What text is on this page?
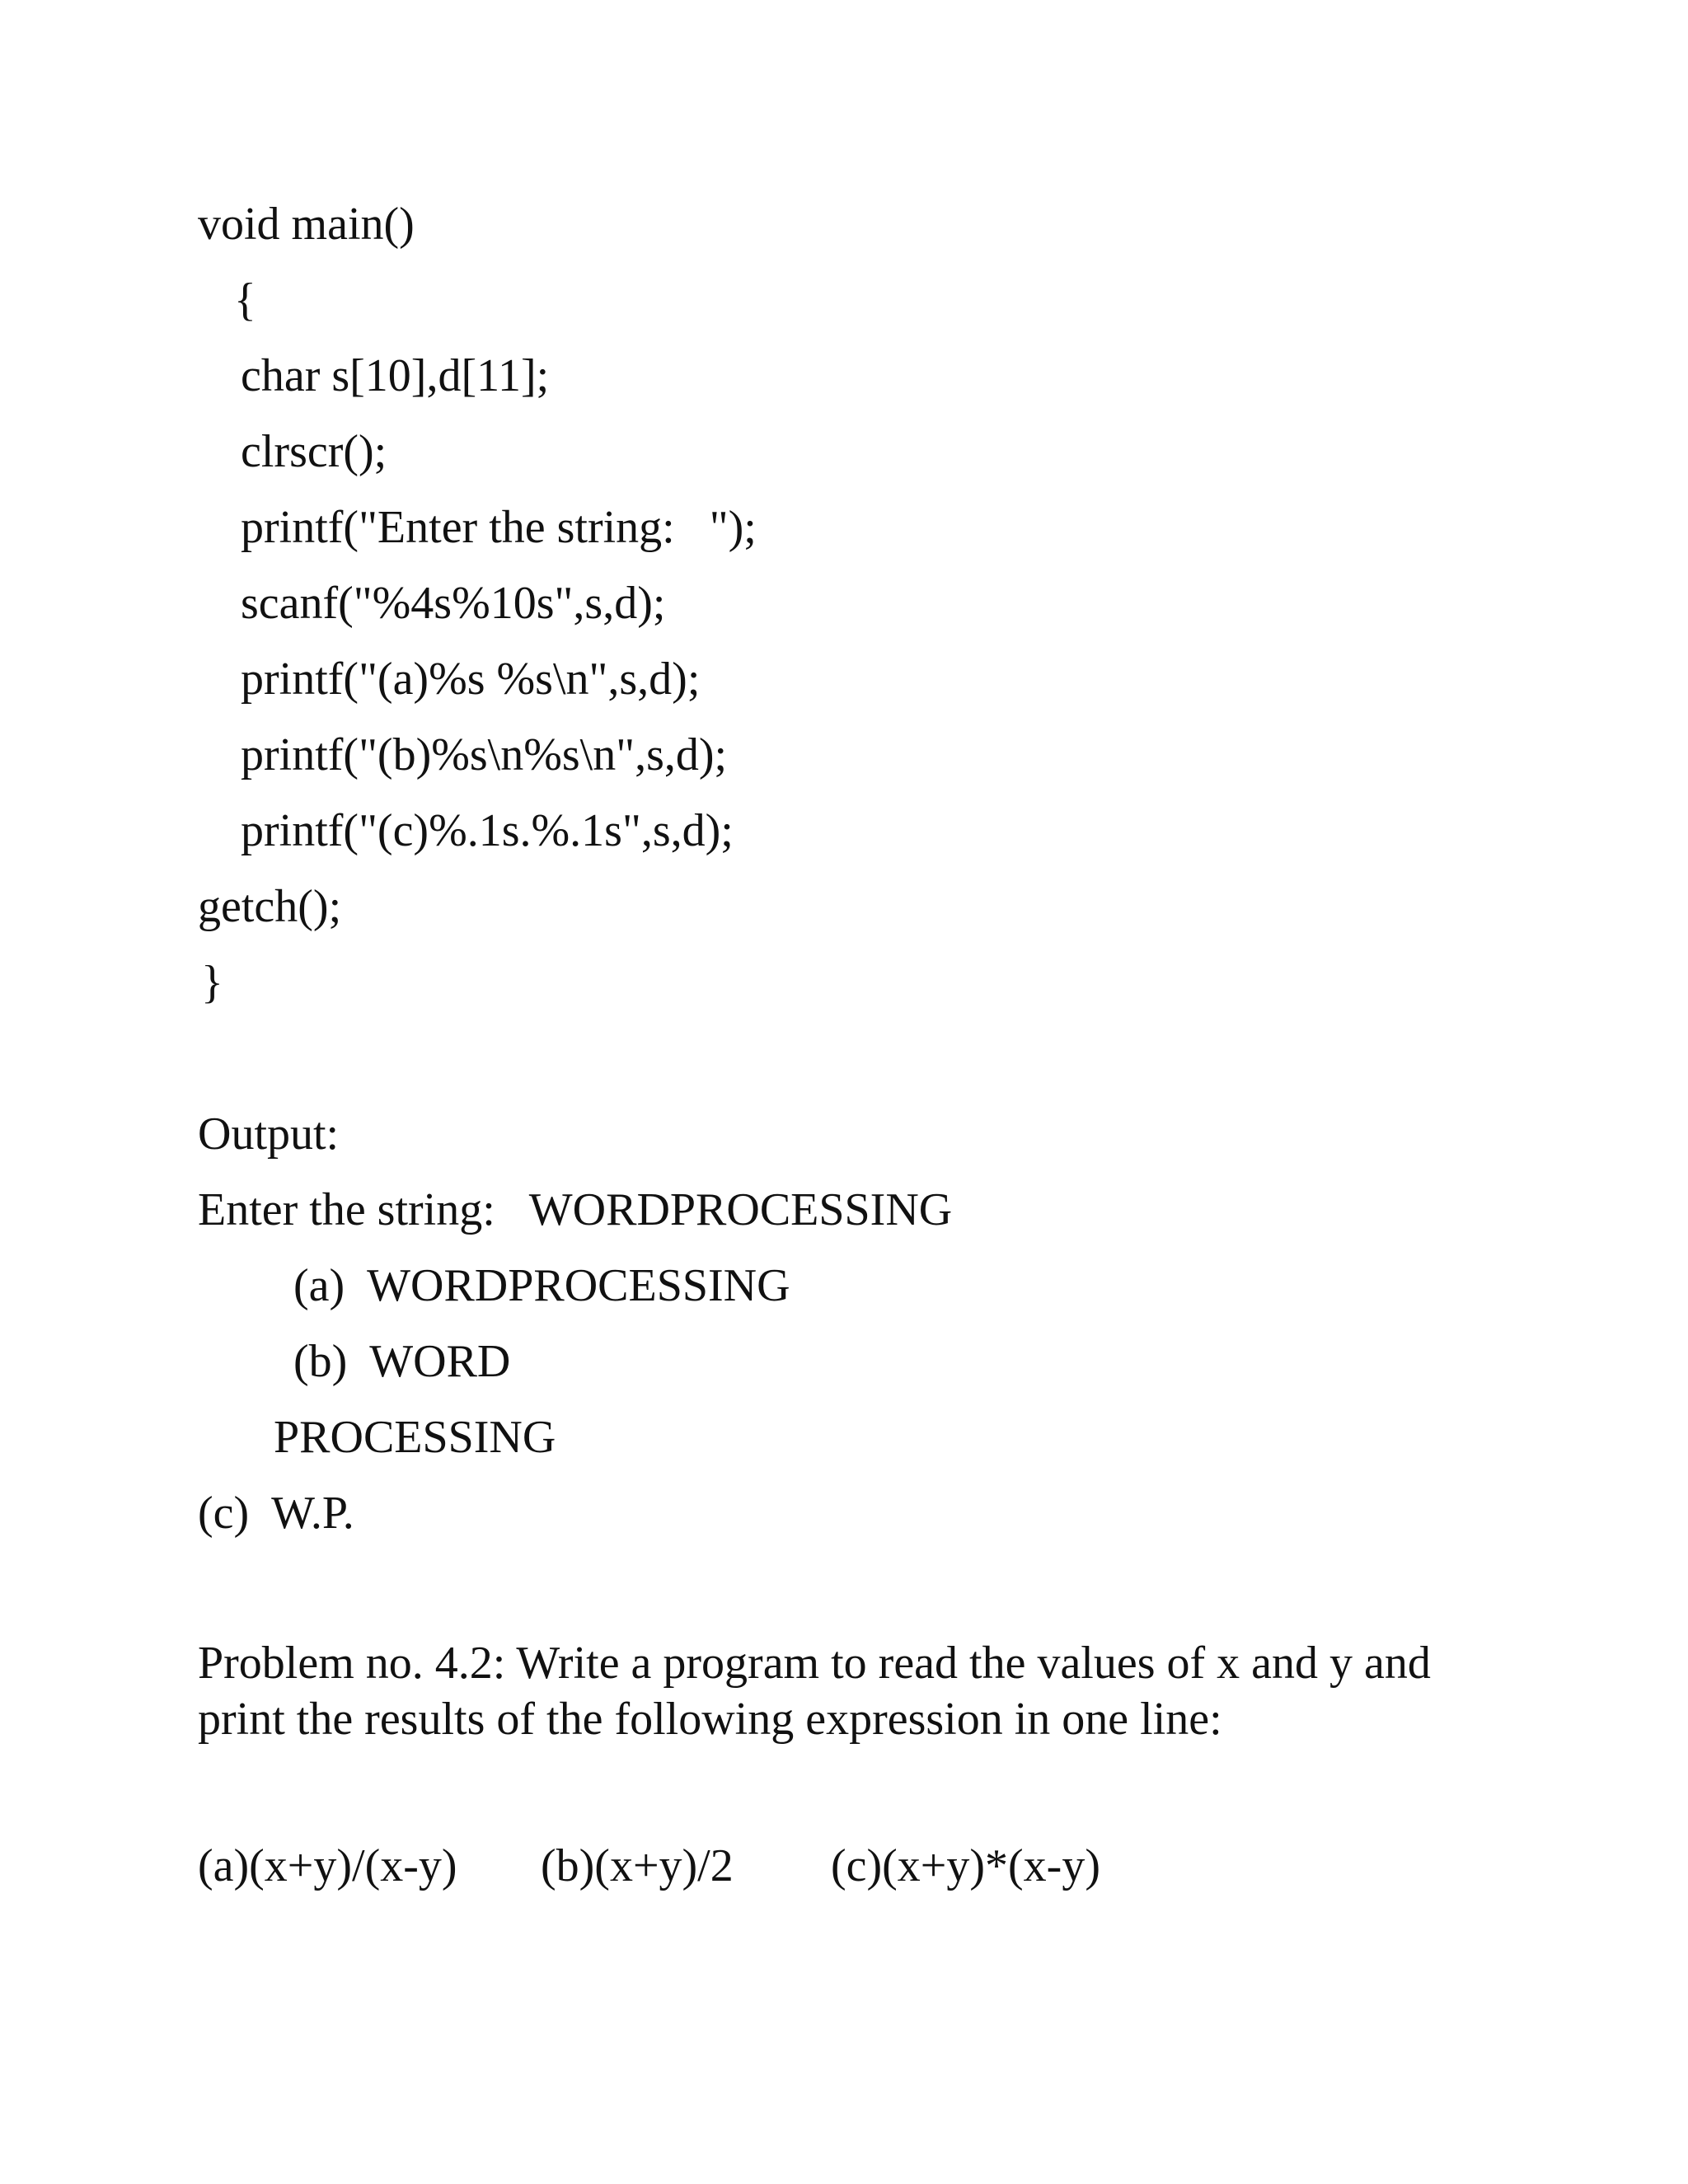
void main()
{
char s[10],d[11];
clrscr();
printf("Enter the string:   ");
scanf("%4s%10s",s,d);
printf("(a)%s %s\n",s,d);
printf("(b)%s\n%s\n",s,d);
printf("(c)%.1s.%.1s",s,d);
getch();
}
Output:
Enter the string:   WORDPROCESSING
(a)  WORDPROCESSING
(b)  WORD
PROCESSING
(c)  W.P.
Problem no. 4.2: Write a program to read the values of x and y and print the results of the following expression in one line:
(a)(x+y)/(x-y) (b)(x+y)/2 (c)(x+y)*(x-y)
